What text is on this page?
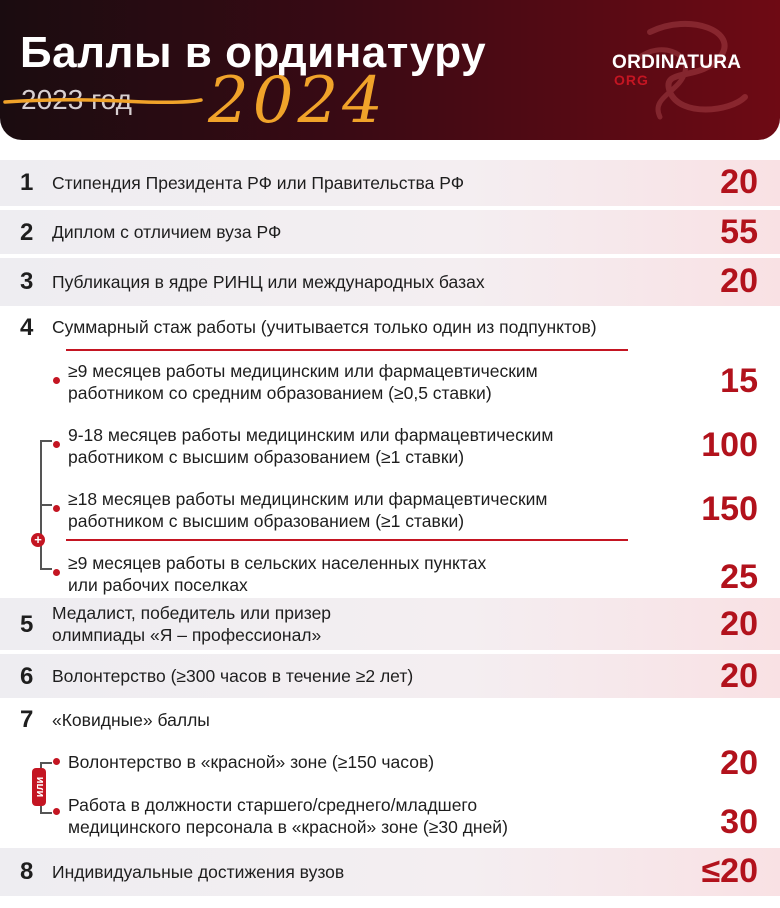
Баллы в ординатуру
2023 год 2024
ORDINATURA
ORG
1 Стипендия Президента РФ или Правительства РФ	20
2 Диплом с отличием вуза РФ	55
3 Публикация в ядре РИНЦ или международных базах	20
4 Суммарный стаж работы (учитывается только один из подпунктов)
+
≥9 месяцев работы медицинским или фармацевтическим
работником со средним образованием (≥0,5 ставки)	15
9-18 месяцев работы медицинским или фармацевтическим
работником с высшим образованием (≥1 ставки)	100
≥18 месяцев работы медицинским или фармацевтическим
работником с высшим образованием (≥1 ставки)	150
≥9 месяцев работы в сельских населенных пунктах
или рабочих поселках	25
5 Медалист, победитель или призер
олимпиады «Я – профессионал»	20
6 Волонтерство (≥300 часов в течение ≥2 лет)	20
7 «Ковидные» баллы
или
Волонтерство в «красной» зоне (≥150 часов)	20
Работа в должности старшего/среднего/младшего
медицинского персонала в «красной» зоне (≥30 дней)	30
8 Индивидуальные достижения вузов	≤20
